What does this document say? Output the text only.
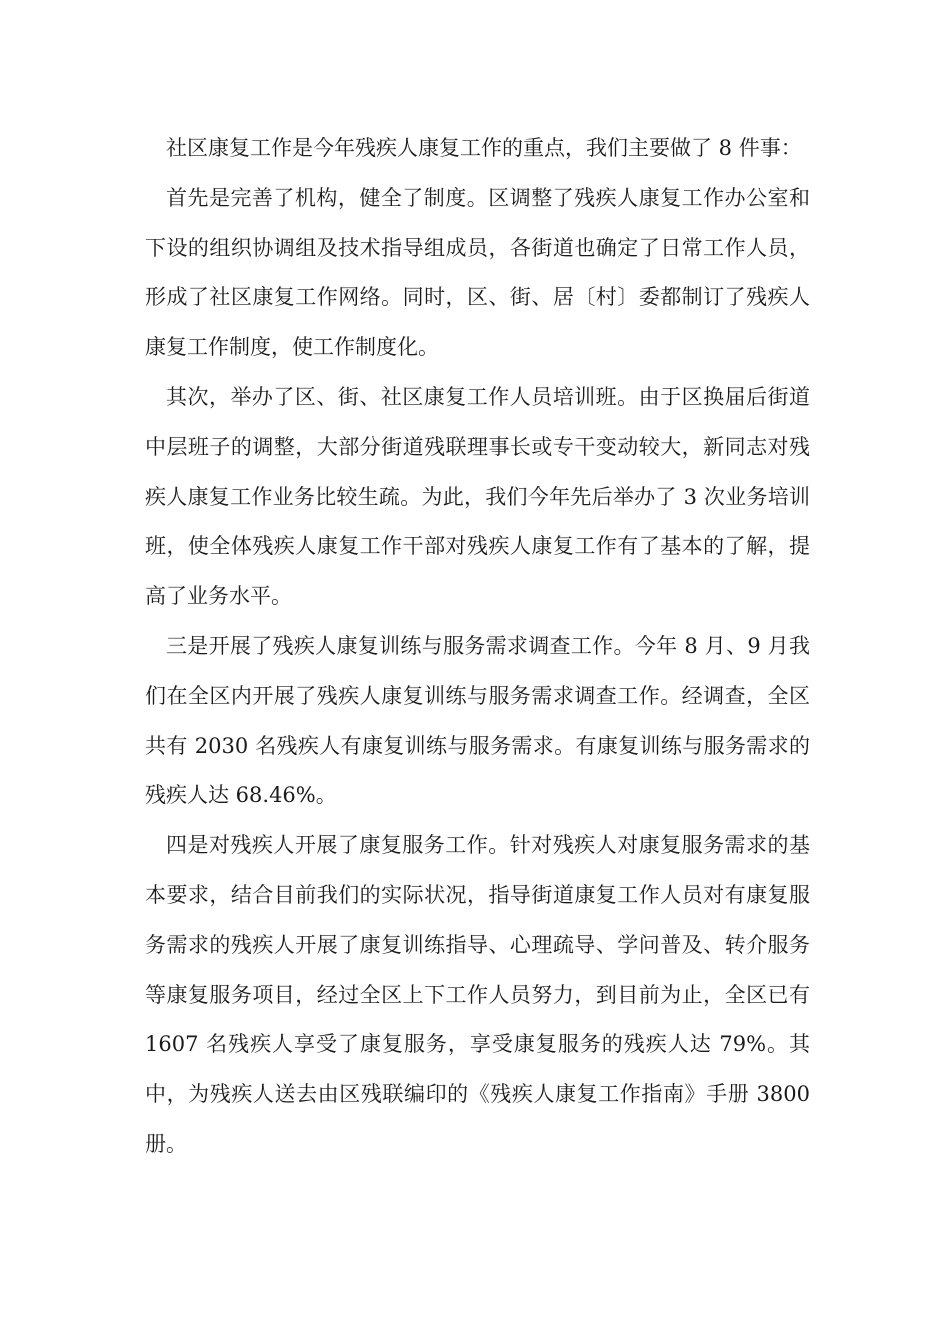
社区康复工作是今年残疾人康复工作的重点，我们主要做了 8 件事：

首先是完善了机构，健全了制度。区调整了残疾人康复工作办公室和下设的组织协调组及技术指导组成员，各街道也确定了日常工作人员，形成了社区康复工作网络。同时，区、街、居〔村〕委都制订了残疾人康复工作制度，使工作制度化。

其次，举办了区、街、社区康复工作人员培训班。由于区换届后街道中层班子的调整，大部分街道残联理事长或专干变动较大，新同志对残疾人康复工作业务比较生疏。为此，我们今年先后举办了 3 次业务培训班，使全体残疾人康复工作干部对残疾人康复工作有了基本的了解，提高了业务水平。

三是开展了残疾人康复训练与服务需求调查工作。今年 8 月、9 月我们在全区内开展了残疾人康复训练与服务需求调查工作。经调查，全区共有 2030 名残疾人有康复训练与服务需求。有康复训练与服务需求的残疾人达 68.46%。

四是对残疾人开展了康复服务工作。针对残疾人对康复服务需求的基本要求，结合目前我们的实际状况，指导街道康复工作人员对有康复服务需求的残疾人开展了康复训练指导、心理疏导、学问普及、转介服务等康复服务项目，经过全区上下工作人员努力，到目前为止，全区已有 1607 名残疾人享受了康复服务，享受康复服务的残疾人达 79%。其中，为残疾人送去由区残联编印的《残疾人康复工作指南》手册 3800 册。
